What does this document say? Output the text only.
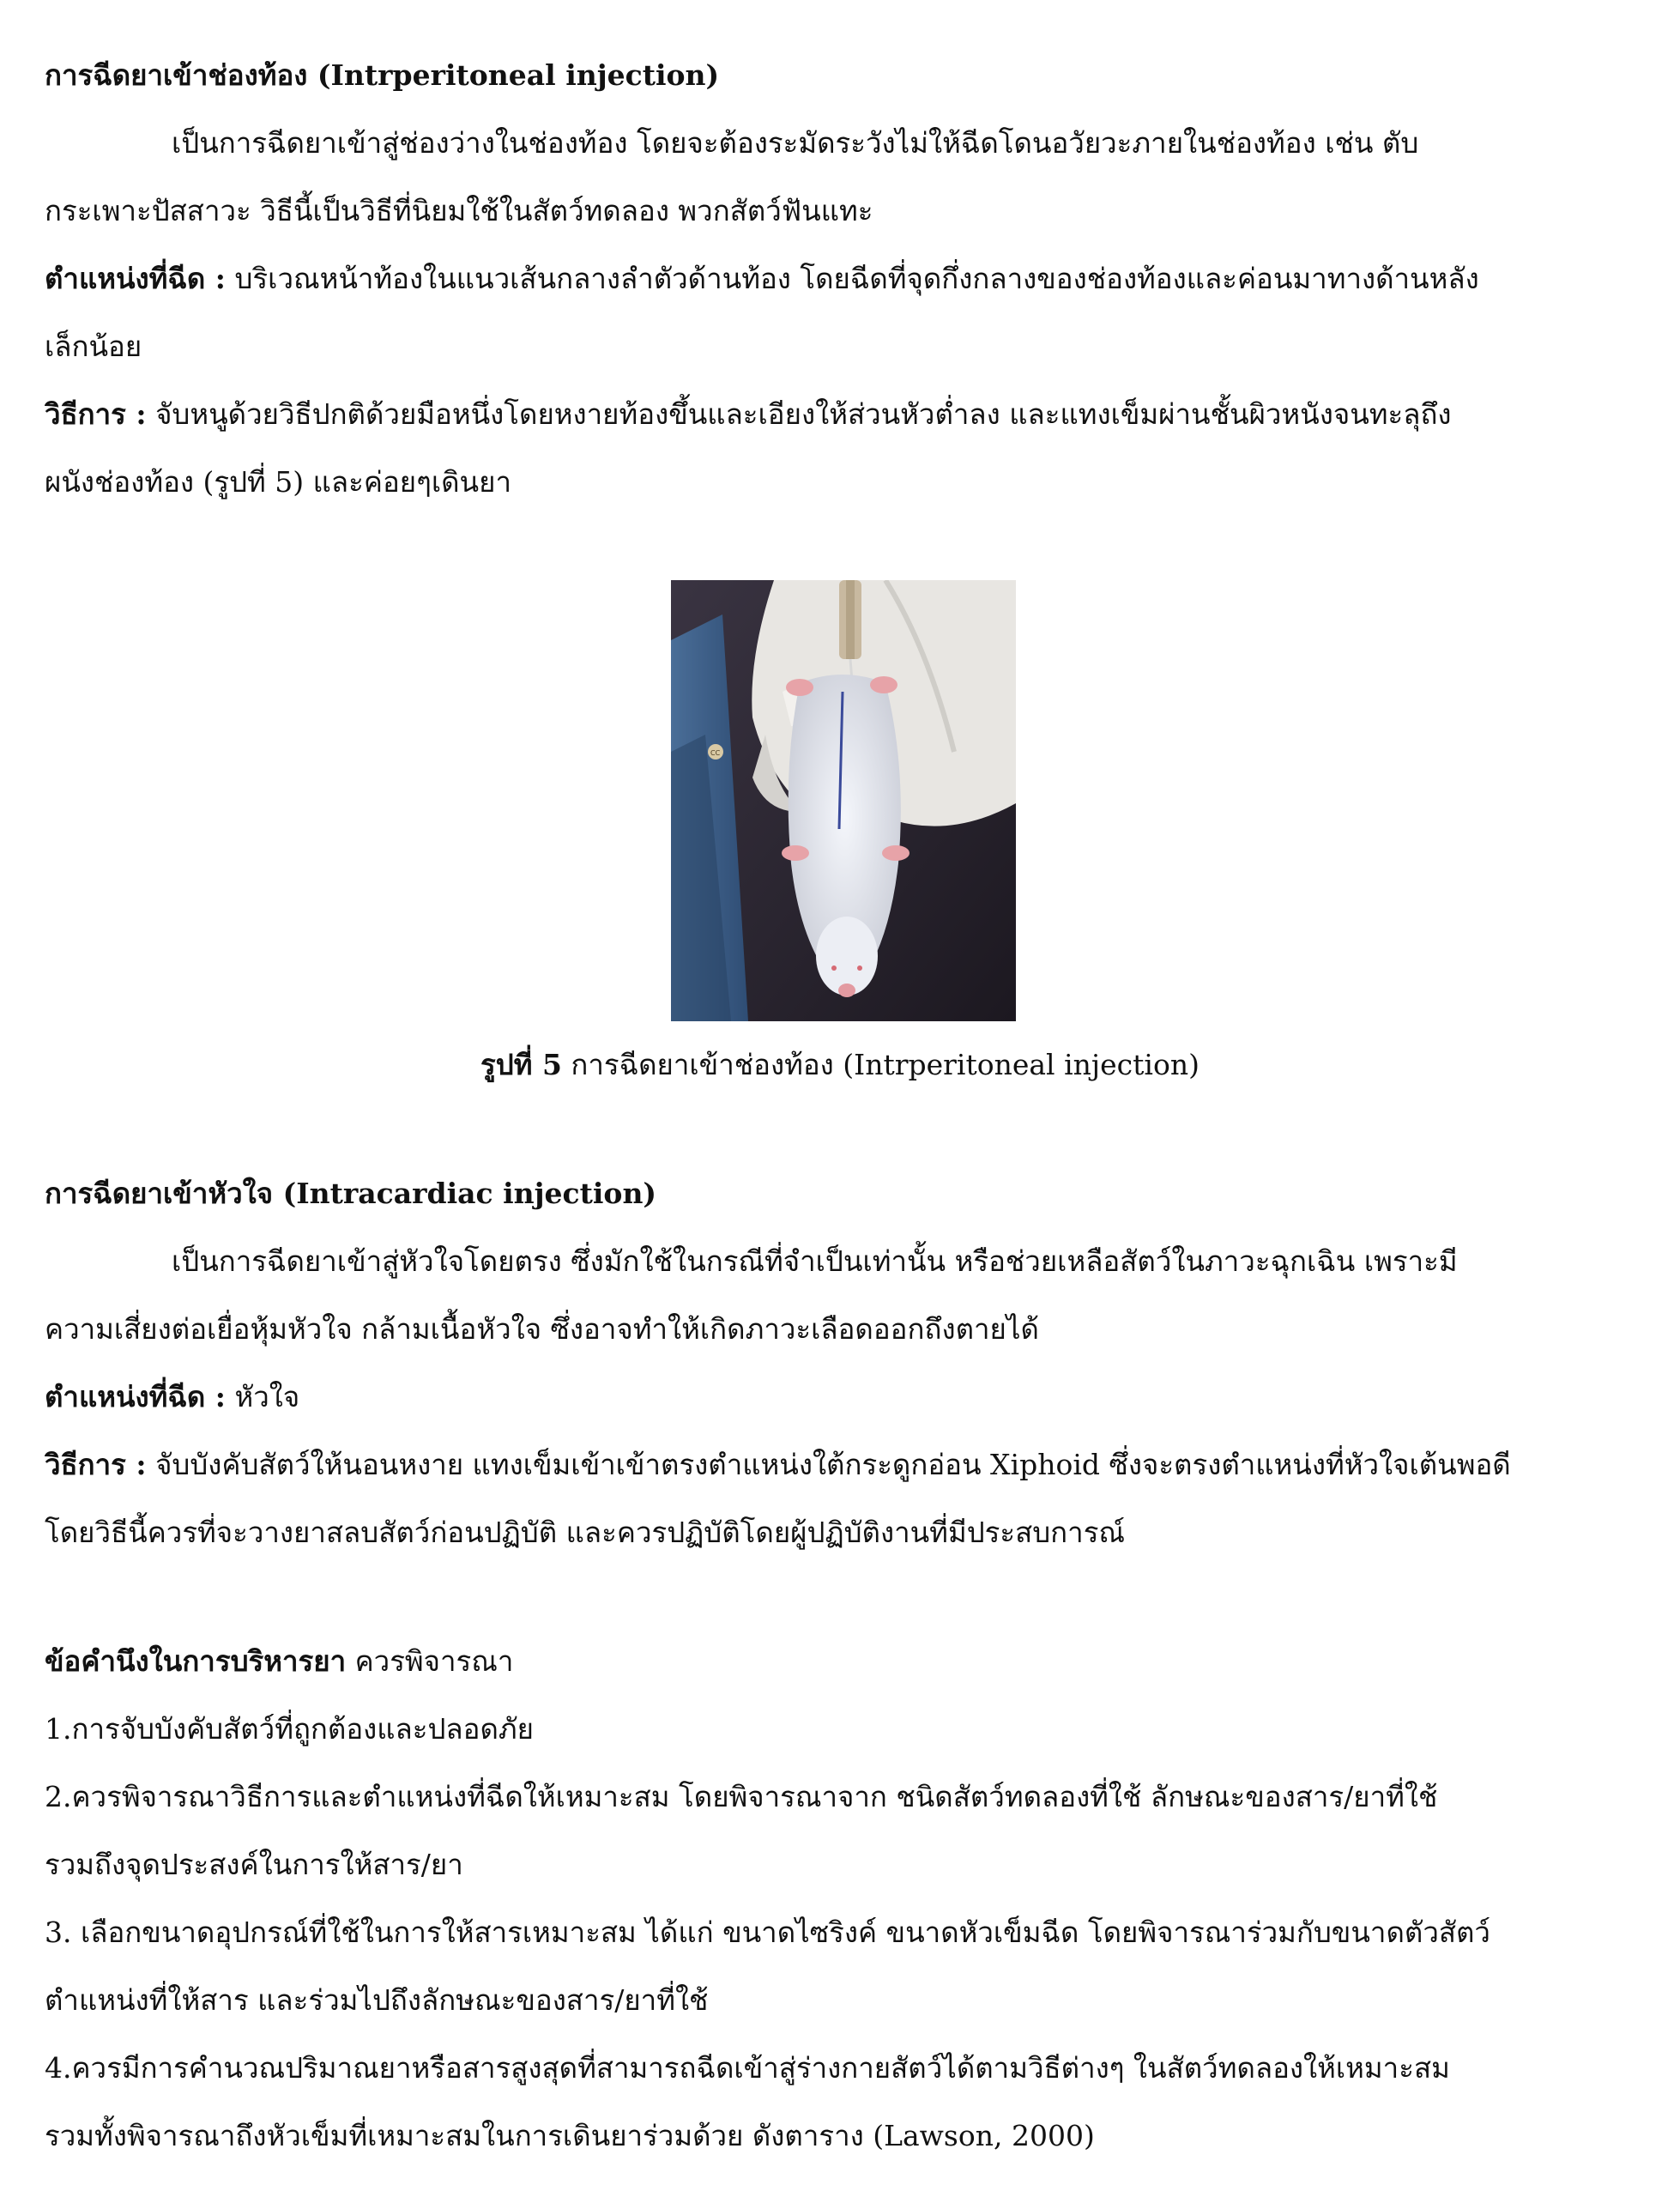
การฉีดยาเข้าช่องท้อง (Intrperitoneal injection)
เป็นการฉีดยาเข้าสู่ช่องว่างในช่องท้อง โดยจะต้องระมัดระวังไม่ให้ฉีดโดนอวัยวะภายในช่องท้อง เช่น ตับ
กระเพาะปัสสาวะ วิธีนี้เป็นวิธีที่นิยมใช้ในสัตว์ทดลอง พวกสัตว์ฟันแทะ
ตำแหน่งที่ฉีด : บริเวณหน้าท้องในแนวเส้นกลางลำตัวด้านท้อง โดยฉีดที่จุดกึ่งกลางของช่องท้องและค่อนมาทางด้านหลัง
เล็กน้อย
วิธีการ : จับหนูด้วยวิธีปกติด้วยมือหนึ่งโดยหงายท้องขึ้นและเอียงให้ส่วนหัวต่ำลง และแทงเข็มผ่านชั้นผิวหนังจนทะลุถึง
ผนังช่องท้อง (รูปที่ 5) และค่อยๆเดินยา
CC
รูปที่ 5 การฉีดยาเข้าช่องท้อง (Intrperitoneal injection)
การฉีดยาเข้าหัวใจ (Intracardiac injection)
เป็นการฉีดยาเข้าสู่หัวใจโดยตรง ซึ่งมักใช้ในกรณีที่จำเป็นเท่านั้น หรือช่วยเหลือสัตว์ในภาวะฉุกเฉิน เพราะมี
ความเสี่ยงต่อเยื่อหุ้มหัวใจ กล้ามเนื้อหัวใจ ซึ่งอาจทำให้เกิดภาวะเลือดออกถึงตายได้
ตำแหน่งที่ฉีด : หัวใจ
วิธีการ : จับบังคับสัตว์ให้นอนหงาย แทงเข็มเข้าเข้าตรงตำแหน่งใต้กระดูกอ่อน Xiphoid ซึ่งจะตรงตำแหน่งที่หัวใจเต้นพอดี
โดยวิธีนี้ควรที่จะวางยาสลบสัตว์ก่อนปฏิบัติ และควรปฏิบัติโดยผู้ปฏิบัติงานที่มีประสบการณ์
ข้อคำนึงในการบริหารยา ควรพิจารณา
1.การจับบังคับสัตว์ที่ถูกต้องและปลอดภัย
2.ควรพิจารณาวิธีการและตำแหน่งที่ฉีดให้เหมาะสม โดยพิจารณาจาก ชนิดสัตว์ทดลองที่ใช้ ลักษณะของสาร/ยาที่ใช้
รวมถึงจุดประสงค์ในการให้สาร/ยา
3. เลือกขนาดอุปกรณ์ที่ใช้ในการให้สารเหมาะสม ได้แก่ ขนาดไซริงค์ ขนาดหัวเข็มฉีด โดยพิจารณาร่วมกับขนาดตัวสัตว์
ตำแหน่งที่ให้สาร และร่วมไปถึงลักษณะของสาร/ยาที่ใช้
4.ควรมีการคำนวณปริมาณยาหรือสารสูงสุดที่สามารถฉีดเข้าสู่ร่างกายสัตว์ได้ตามวิธีต่างๆ ในสัตว์ทดลองให้เหมาะสม
รวมทั้งพิจารณาถึงหัวเข็มที่เหมาะสมในการเดินยาร่วมด้วย ดังตาราง (Lawson, 2000)
